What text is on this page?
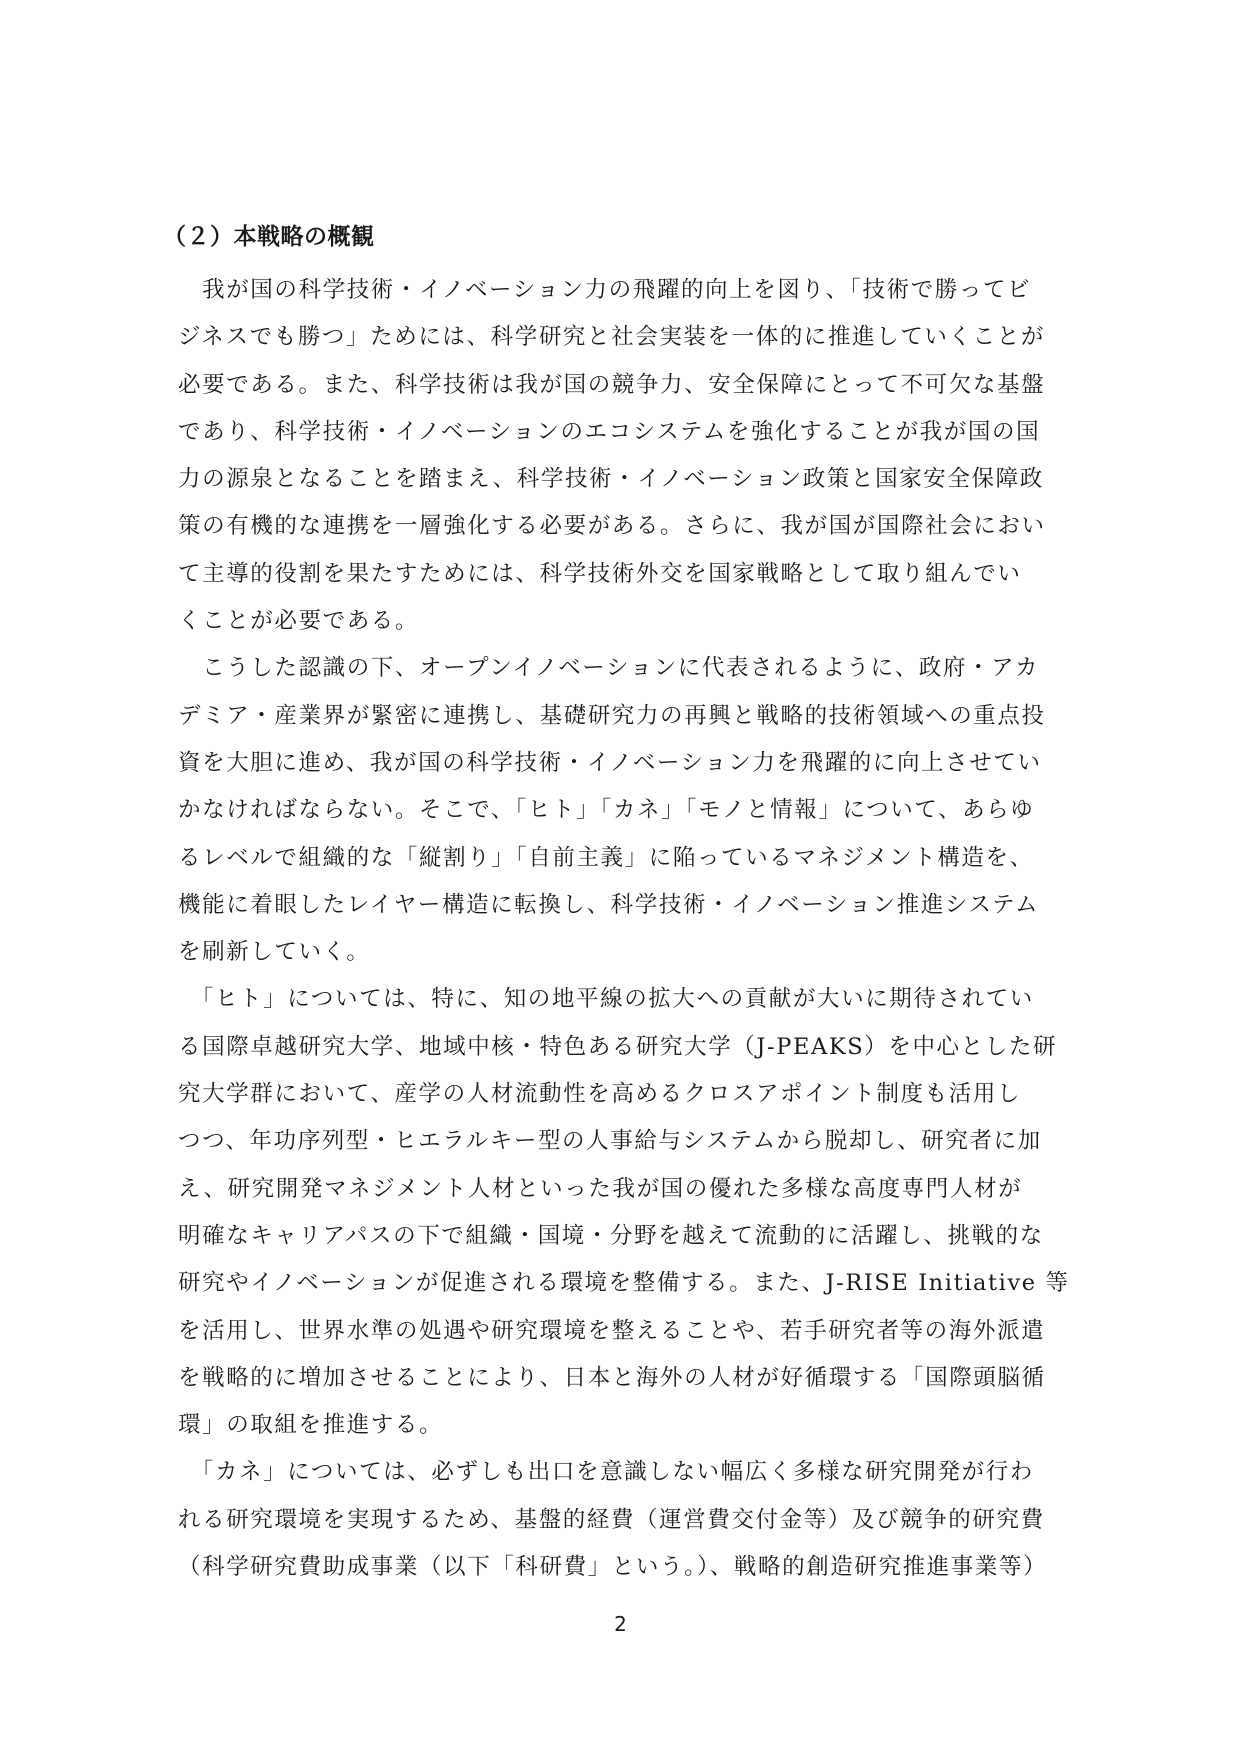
（２）本戦略の概観
　我が国の科学技術・イノベーション力の飛躍的向上を図り、「技術で勝ってビ
ジネスでも勝つ」ためには、科学研究と社会実装を一体的に推進していくことが
必要である。また、科学技術は我が国の競争力、安全保障にとって不可欠な基盤
であり、科学技術・イノベーションのエコシステムを強化することが我が国の国
力の源泉となることを踏まえ、科学技術・イノベーション政策と国家安全保障政
策の有機的な連携を一層強化する必要がある。さらに、我が国が国際社会におい
て主導的役割を果たすためには、科学技術外交を国家戦略として取り組んでい
くことが必要である。
　こうした認識の下、オープンイノベーションに代表されるように、政府・アカ
デミア・産業界が緊密に連携し、基礎研究力の再興と戦略的技術領域への重点投
資を大胆に進め、我が国の科学技術・イノベーション力を飛躍的に向上させてい
かなければならない。そこで、「ヒト」「カネ」「モノと情報」について、あらゆ
るレベルで組織的な「縦割り」「自前主義」に陥っているマネジメント構造を、
機能に着眼したレイヤー構造に転換し、科学技術・イノベーション推進システム
を刷新していく。
　「ヒト」については、特に、知の地平線の拡大への貢献が大いに期待されてい
る国際卓越研究大学、地域中核・特色ある研究大学（J-PEAKS）を中心とした研
究大学群において、産学の人材流動性を高めるクロスアポイント制度も活用し
つつ、年功序列型・ヒエラルキー型の人事給与システムから脱却し、研究者に加
え、研究開発マネジメント人材といった我が国の優れた多様な高度専門人材が
明確なキャリアパスの下で組織・国境・分野を越えて流動的に活躍し、挑戦的な
研究やイノベーションが促進される環境を整備する。また、J-RISE Initiative 等
を活用し、世界水準の処遇や研究環境を整えることや、若手研究者等の海外派遣
を戦略的に増加させることにより、日本と海外の人材が好循環する「国際頭脳循
環」の取組を推進する。
　「カネ」については、必ずしも出口を意識しない幅広く多様な研究開発が行わ
れる研究環境を実現するため、基盤的経費（運営費交付金等）及び競争的研究費
（科学研究費助成事業（以下「科研費」という。）、戦略的創造研究推進事業等）
2
